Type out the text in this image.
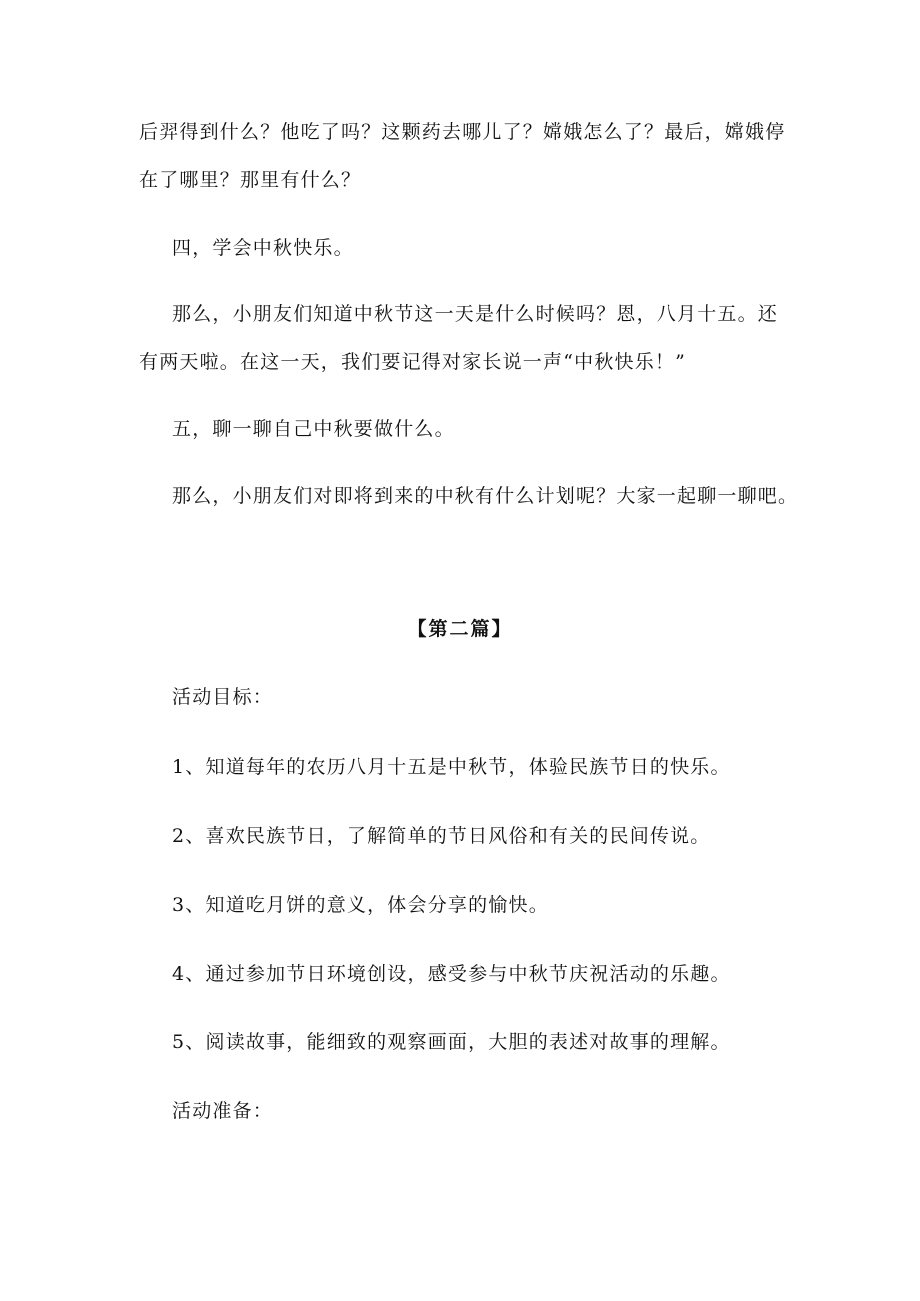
后羿得到什么？他吃了吗？这颗药去哪儿了？嫦娥怎么了？最后，嫦娥停
在了哪里？那里有什么？
四，学会中秋快乐。
那么，小朋友们知道中秋节这一天是什么时候吗？恩，八月十五。还
有两天啦。在这一天，我们要记得对家长说一声“中秋快乐！”
五，聊一聊自己中秋要做什么。
那么，小朋友们对即将到来的中秋有什么计划呢？大家一起聊一聊吧。
【第二篇】
活动目标：
1、知道每年的农历八月十五是中秋节，体验民族节日的快乐。
2、喜欢民族节日，了解简单的节日风俗和有关的民间传说。
3、知道吃月饼的意义，体会分享的愉快。
4、通过参加节日环境创设，感受参与中秋节庆祝活动的乐趣。
5、阅读故事，能细致的观察画面，大胆的表述对故事的理解。
活动准备：
